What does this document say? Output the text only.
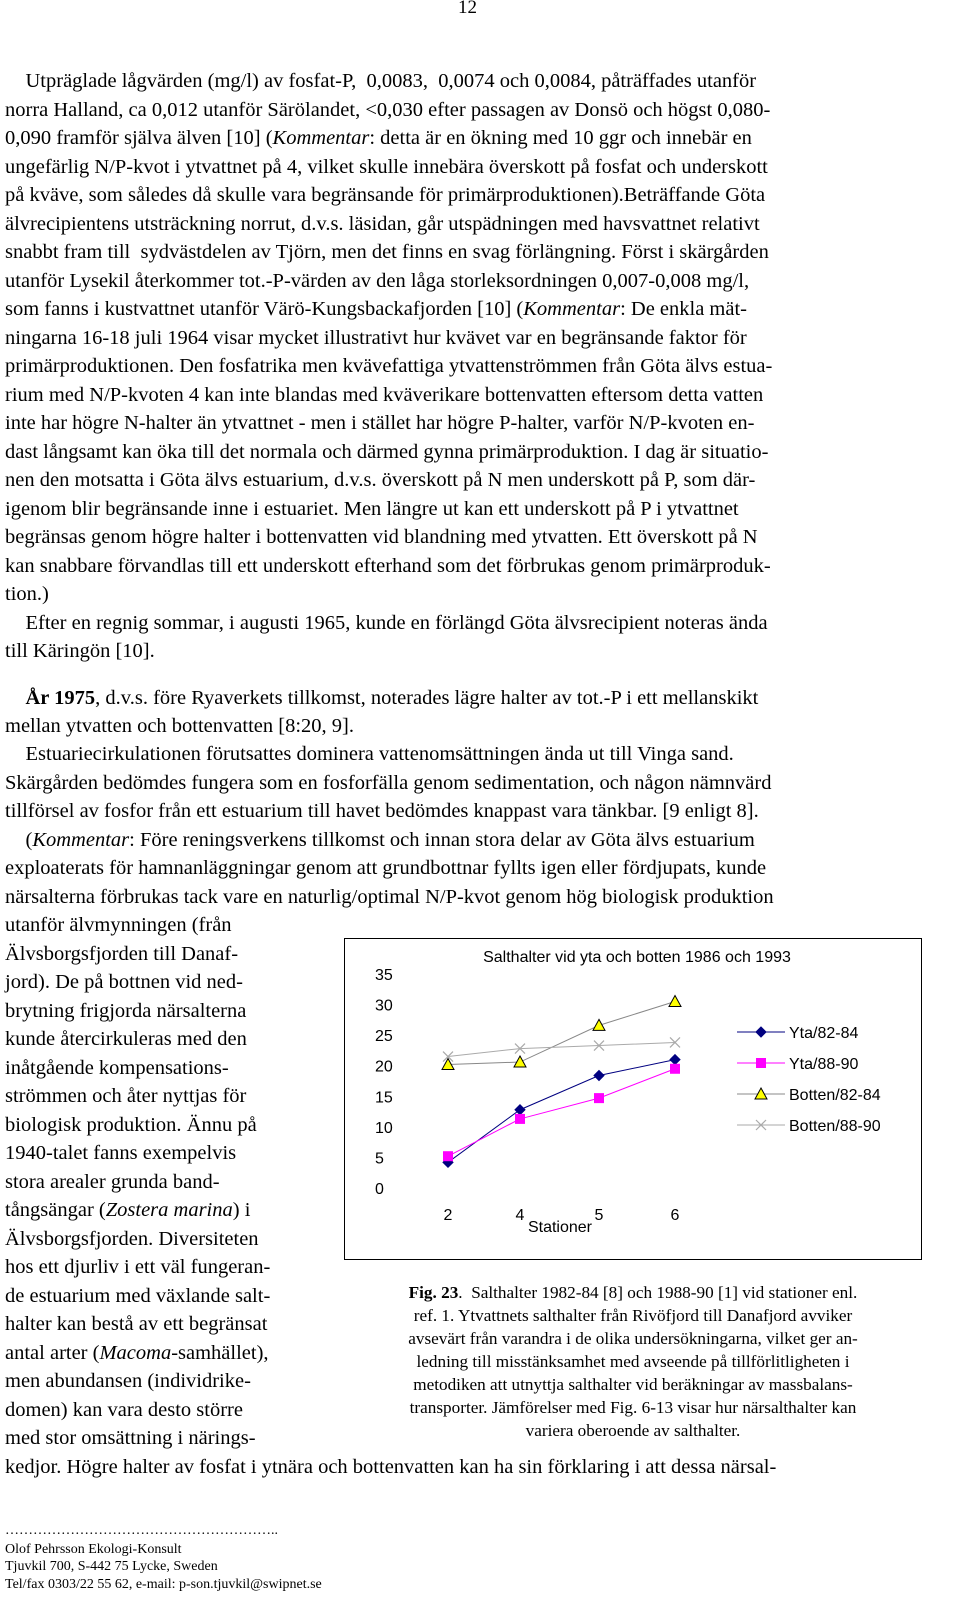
12
Utpräglade lågvärden (mg/l) av fosfat-P,  0,0083,  0,0074 och 0,0084, påträffades utanför
norra Halland, ca 0,012 utanför Särölandet, <0,030 efter passagen av Donsö och högst 0,080-
0,090 framför själva älven [10] (Kommentar: detta är en ökning med 10 ggr och innebär en
ungefärlig N/P-kvot i ytvattnet på 4, vilket skulle innebära överskott på fosfat och underskott
på kväve, som således då skulle vara begränsande för primärproduktionen).Beträffande Göta
älvrecipientens utsträckning norrut, d.v.s. läsidan, går utspädningen med havsvattnet relativt
snabbt fram till  sydvästdelen av Tjörn, men det finns en svag förlängning. Först i skärgården
utanför Lysekil återkommer tot.-P-värden av den låga storleksordningen 0,007-0,008 mg/l,
som fanns i kustvattnet utanför Värö-Kungsbackafjorden [10] (Kommentar: De enkla mät-
ningarna 16-18 juli 1964 visar mycket illustrativt hur kvävet var en begränsande faktor för
primärproduktionen. Den fosfatrika men kvävefattiga ytvattenströmmen från Göta älvs estua-
rium med N/P-kvoten 4 kan inte blandas med kväverikare bottenvatten eftersom detta vatten
inte har högre N-halter än ytvattnet - men i stället har högre P-halter, varför N/P-kvoten en-
dast långsamt kan öka till det normala och därmed gynna primärproduktion. I dag är situatio-
nen den motsatta i Göta älvs estuarium, d.v.s. överskott på N men underskott på P, som där-
igenom blir begränsande inne i estuariet. Men längre ut kan ett underskott på P i ytvattnet
begränsas genom högre halter i bottenvatten vid blandning med ytvatten. Ett överskott på N
kan snabbare förvandlas till ett underskott efterhand som det förbrukas genom primärproduk-
tion.)
Efter en regnig sommar, i augusti 1965, kunde en förlängd Göta älvsrecipient noteras ända
till Käringön [10].
År 1975, d.v.s. före Ryaverkets tillkomst, noterades lägre halter av tot.-P i ett mellanskikt
mellan ytvatten och bottenvatten [8:20, 9].
Estuariecirkulationen förutsattes dominera vattenomsättningen ända ut till Vinga sand.
Skärgården bedömdes fungera som en fosforfälla genom sedimentation, och någon nämnvärd
tillförsel av fosfor från ett estuarium till havet bedömdes knappast vara tänkbar. [9 enligt 8].
(Kommentar: Före reningsverkens tillkomst och innan stora delar av Göta älvs estuarium
exploaterats för hamnanläggningar genom att grundbottnar fyllts igen eller fördjupats, kunde
närsalterna förbrukas tack vare en naturlig/optimal N/P-kvot genom hög biologisk produktion
utanför älvmynningen (från
Älvsborgsfjorden till Danaf-
jord). De på bottnen vid ned-
brytning frigjorda närsalterna
kunde återcirkuleras med den
inåtgående kompensations-
strömmen och åter nyttjas för
biologisk produktion. Ännu på
1940-talet fanns exempelvis
stora arealer grunda band-
tångsängar (Zostera marina) i
Älvsborgsfjorden. Diversiteten
hos ett djurliv i ett väl fungeran-
de estuarium med växlande salt-
halter kan bestå av ett begränsat
antal arter (Macoma-samhället),
men abundansen (individrike-
domen) kan vara desto större
med stor omsättning i närings-
kedjor. Högre halter av fosfat i ytnära och bottenvatten kan ha sin förklaring i att dessa närsal-
Salthalter vid yta och botten 1986 och 1993
0
5
10
15
20
25
30
35
2	4	5	6
Stationer
Yta/82-84
Yta/88-90
Botten/82-84
Botten/88-90
Fig. 23.  Salthalter 1982-84 [8] och 1988-90 [1] vid stationer enl.
ref. 1. Ytvattnets salthalter från Rivöfjord till Danafjord avviker
avsevärt från varandra i de olika undersökningarna, vilket ger an-
ledning till misstänksamhet med avseende på tillförlitligheten i
metodiken att utnyttja salthalter vid beräkningar av massbalans-
transporter. Jämförelser med Fig. 6-13 visar hur närsalthalter kan
variera oberoende av salthalter.
…………………………………………………..
Olof Pehrsson Ekologi-Konsult
Tjuvkil 700, S-442 75 Lycke, Sweden
Tel/fax 0303/22 55 62, e-mail: p-son.tjuvkil@swipnet.se
